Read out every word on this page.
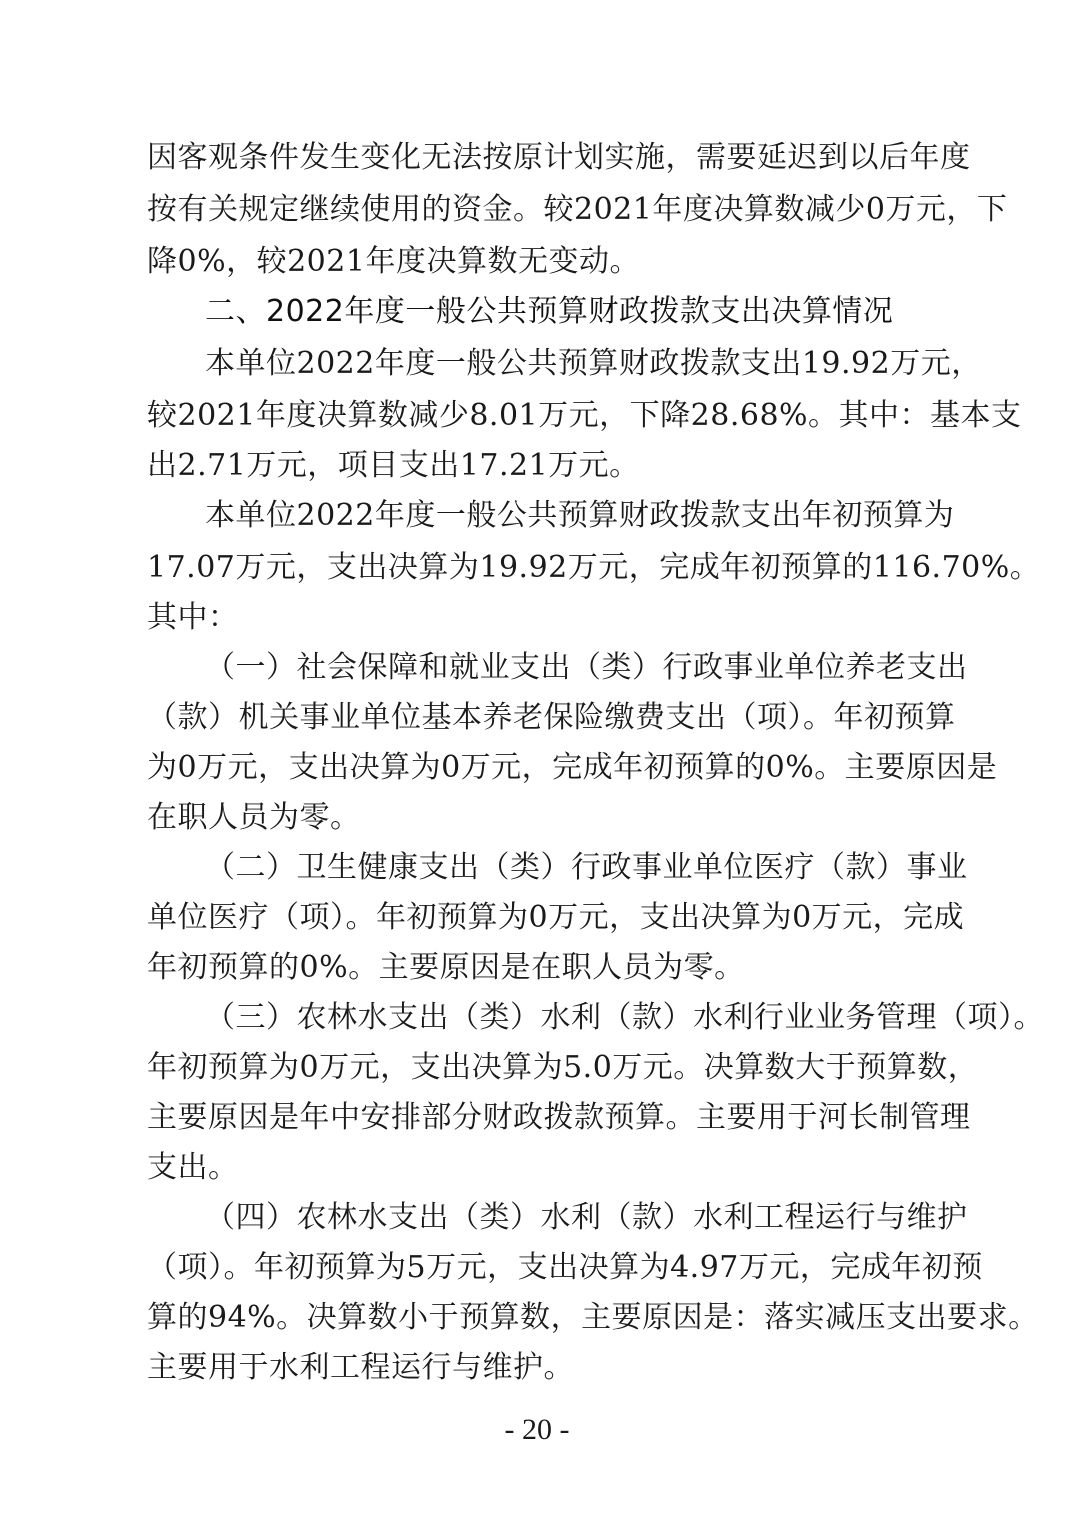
因客观条件发生变化无法按原计划实施，需要延迟到以后年度
按有关规定继续使用的资金。较2021年度决算数减少0万元，下
降0%，较2021年度决算数无变动。
二、2022年度一般公共预算财政拨款支出决算情况
本单位2022年度一般公共预算财政拨款支出19.92万元，
较2021年度决算数减少8.01万元，下降28.68%。其中：基本支
出2.71万元，项目支出17.21万元。
本单位2022年度一般公共预算财政拨款支出年初预算为
17.07万元，支出决算为19.92万元，完成年初预算的116.70%。
其中：
（一）社会保障和就业支出（类）行政事业单位养老支出
（款）机关事业单位基本养老保险缴费支出（项）。年初预算
为0万元，支出决算为0万元，完成年初预算的0%。主要原因是
在职人员为零。
（二）卫生健康支出（类）行政事业单位医疗（款）事业
单位医疗（项）。年初预算为0万元，支出决算为0万元，完成
年初预算的0%。主要原因是在职人员为零。
（三）农林水支出（类）水利（款）水利行业业务管理（项）。
年初预算为0万元，支出决算为5.0万元。决算数大于预算数，
主要原因是年中安排部分财政拨款预算。主要用于河长制管理
支出。
（四）农林水支出（类）水利（款）水利工程运行与维护
（项）。年初预算为5万元，支出决算为4.97万元，完成年初预
算的94%。决算数小于预算数，主要原因是：落实减压支出要求。
主要用于水利工程运行与维护。
- 20 -
